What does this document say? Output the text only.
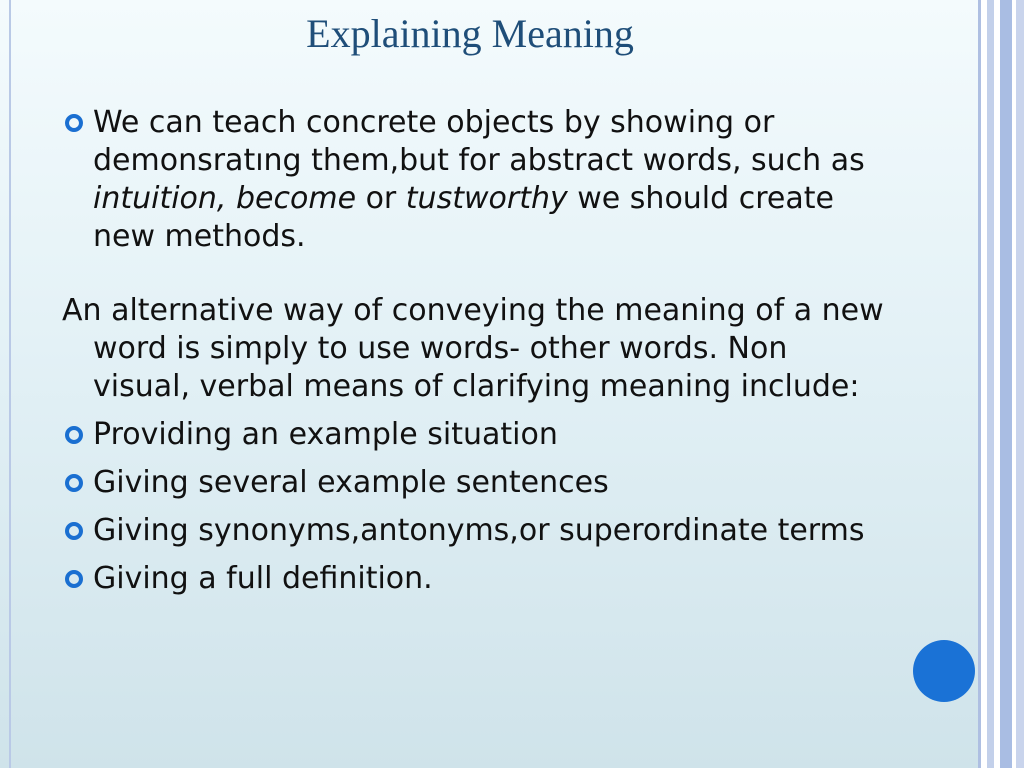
Explaining Meaning

We can teach concrete objects by showing or demonsratıng them,but for abstract words, such as intuition, become or tustworthy we should create new methods.

An alternative way of conveying the meaning of a new word is simply to use words- other words. Non visual, verbal means of clarifying meaning include:

Providing an example situation

Giving several example sentences

Giving synonyms,antonyms,or superordinate terms

Giving a full definition.
